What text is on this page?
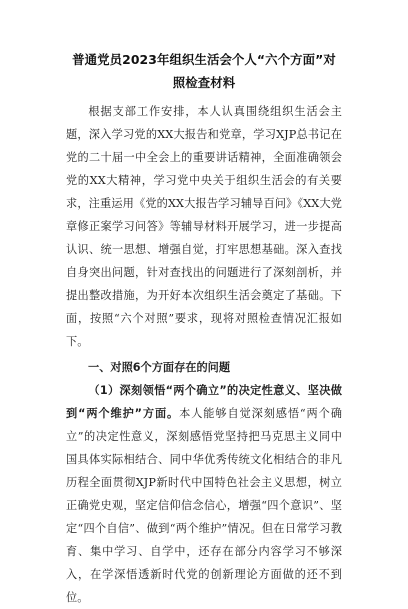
普通党员2023年组织生活会个人“六个方面”对照检查材料

根据支部工作安排，本人认真围绕组织生活会主题，深入学习党的XX大报告和党章，学习XJP总书记在党的二十届一中全会上的重要讲话精神，全面准确领会党的XX大精神，学习党中央关于组织生活会的有关要求，注重运用《党的XX大报告学习辅导百问》《XX大党章修正案学习问答》等辅导材料开展学习，进一步提高认识、统一思想、增强自觉，打牢思想基础。深入查找自身突出问题，针对查找出的问题进行了深刻剖析，并提出整改措施，为开好本次组织生活会奠定了基础。下面，按照“六个对照”要求，现将对照检查情况汇报如下。

一、对照6个方面存在的问题

（1）深刻领悟“两个确立”的决定性意义、坚决做到“两个维护”方面。本人能够自觉深刻感悟“两个确立”的决定性意义，深刻感悟党坚持把马克思主义同中国具体实际相结合、同中华优秀传统文化相结合的非凡历程全面贯彻XJP新时代中国特色社会主义思想，树立正确党史观，坚定信仰信念信心，增强“四个意识”、坚定“四个自信”、做到“两个维护”情况。但在日常学习教育、集中学习、自学中，还存在部分内容学习不够深入，在学深悟透新时代党的创新理论方面做的还不到位。
